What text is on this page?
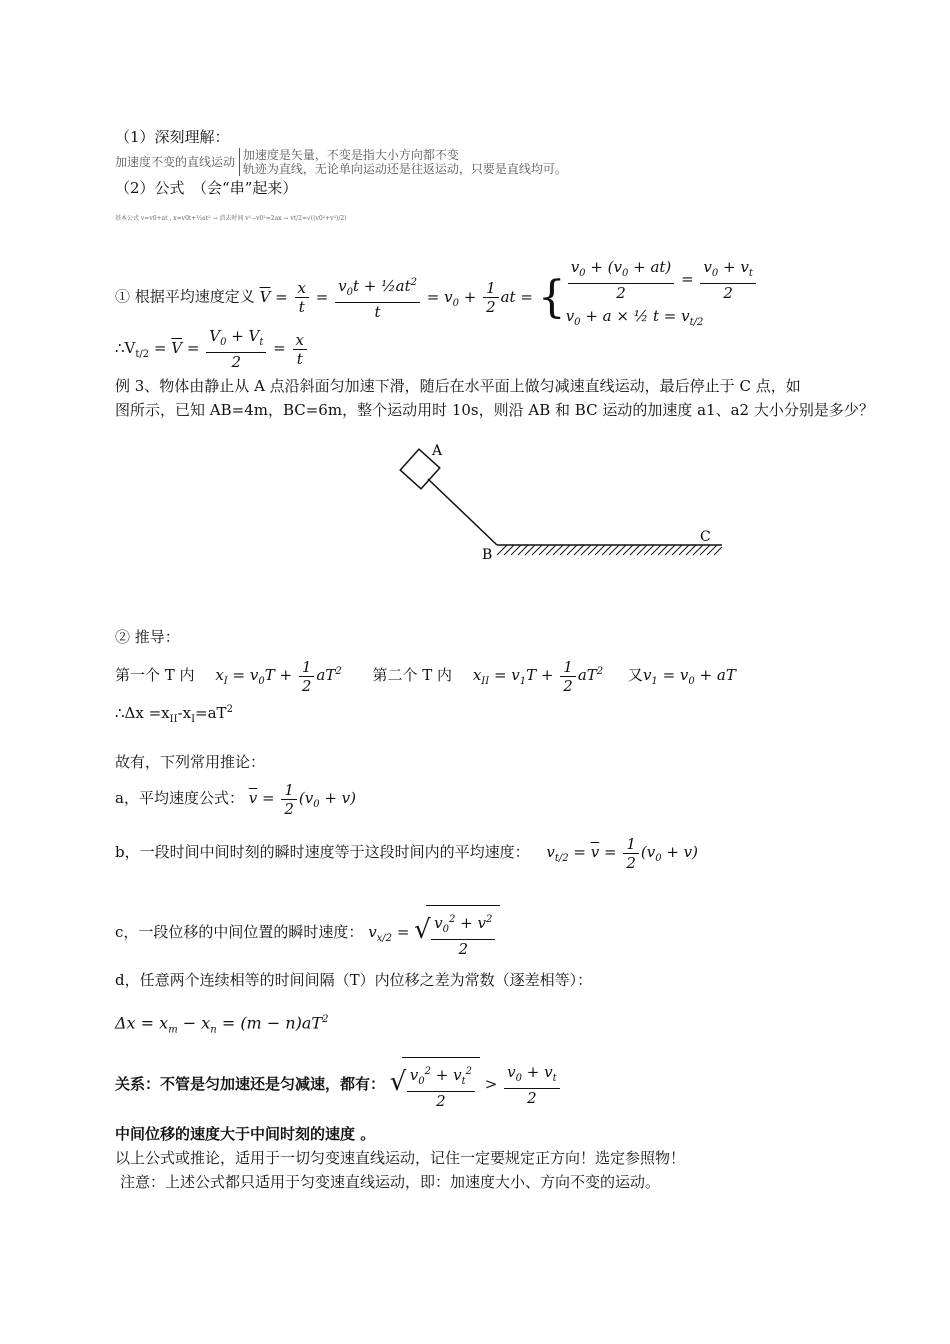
（1）深刻理解：
加速度不变的直线运动 加速度是矢量，不变是指大小方向都不变
轨迹为直线，无论单向运动还是往返运动，只要是直线均可。
（2）公式　（会“串”起来）
基本公式 v=v0+at , x=v0t+½at² → 消去时间 v²−v0²=2ax → vt/2=√((v0²+v²)/2)
① 根据平均速度定义 $\overline{V} = \frac{x}{t} = \frac{v_0t + \frac{1}{2}at^2}{t} = v_0 + \frac{1}{2}$ at = { $\frac{v_0 + (v_0 + at)}{2} = \frac{v_0 + v_t}{2}$
$v_0 + a$ × ½ $t = v_{t/2}$
$\therefore V_{t/2} = \overline{V} = \frac{V_0 + V_t}{2} = \frac{x}{t}$
例 3、物体由静止从 A 点沿斜面匀加速下滑，随后在水平面上做匀减速直线运动，最后停止于 C 点，如
图所示，已知 AB=4m，BC=6m，整个运动用时 10s，则沿 AB 和 BC 运动的加速度 a1、a2 大小分别是多少？
A
B
C
② 推导：
第一个 T 内 $x_I = v_0T + \frac{1}{2} aT^2$ 第二个 T 内 $x_{II} = v_1T + \frac{1}{2} aT^2$ 又$v_1 = v_0$ + aT
∴Δx $=x_{II}-x_I=aT^2$
故有，下列常用推论：
a，平均速度公式： $\overline{v} = \frac{1}{2} (v_0 + v)$
b，一段时间中间时刻的瞬时速度等于这段时间内的平均速度： $v_{t/2} = \overline{v} = \frac{1}{2} (v_0 + v)$
c，一段位移的中间位置的瞬时速度： $v_{x/2}$ = √ $\frac{v_0^2 + v^2}{2}$
d，任意两个连续相等的时间间隔（T）内位移之差为常数（逐差相等）：
$\Delta x = x_m - x_n = (m - n)aT^2$
关系：不管是匀加速还是匀减速，都有： √ $\frac{v_0^2 + v_t^2}{2} > \frac{v_0 + v_t}{2}$
中间位移的速度大于中间时刻的速度 。
以上公式或推论，适用于一切匀变速直线运动，记住一定要规定正方向！选定参照物！
注意：上述公式都只适用于匀变速直线运动，即：加速度大小、方向不变的运动。
